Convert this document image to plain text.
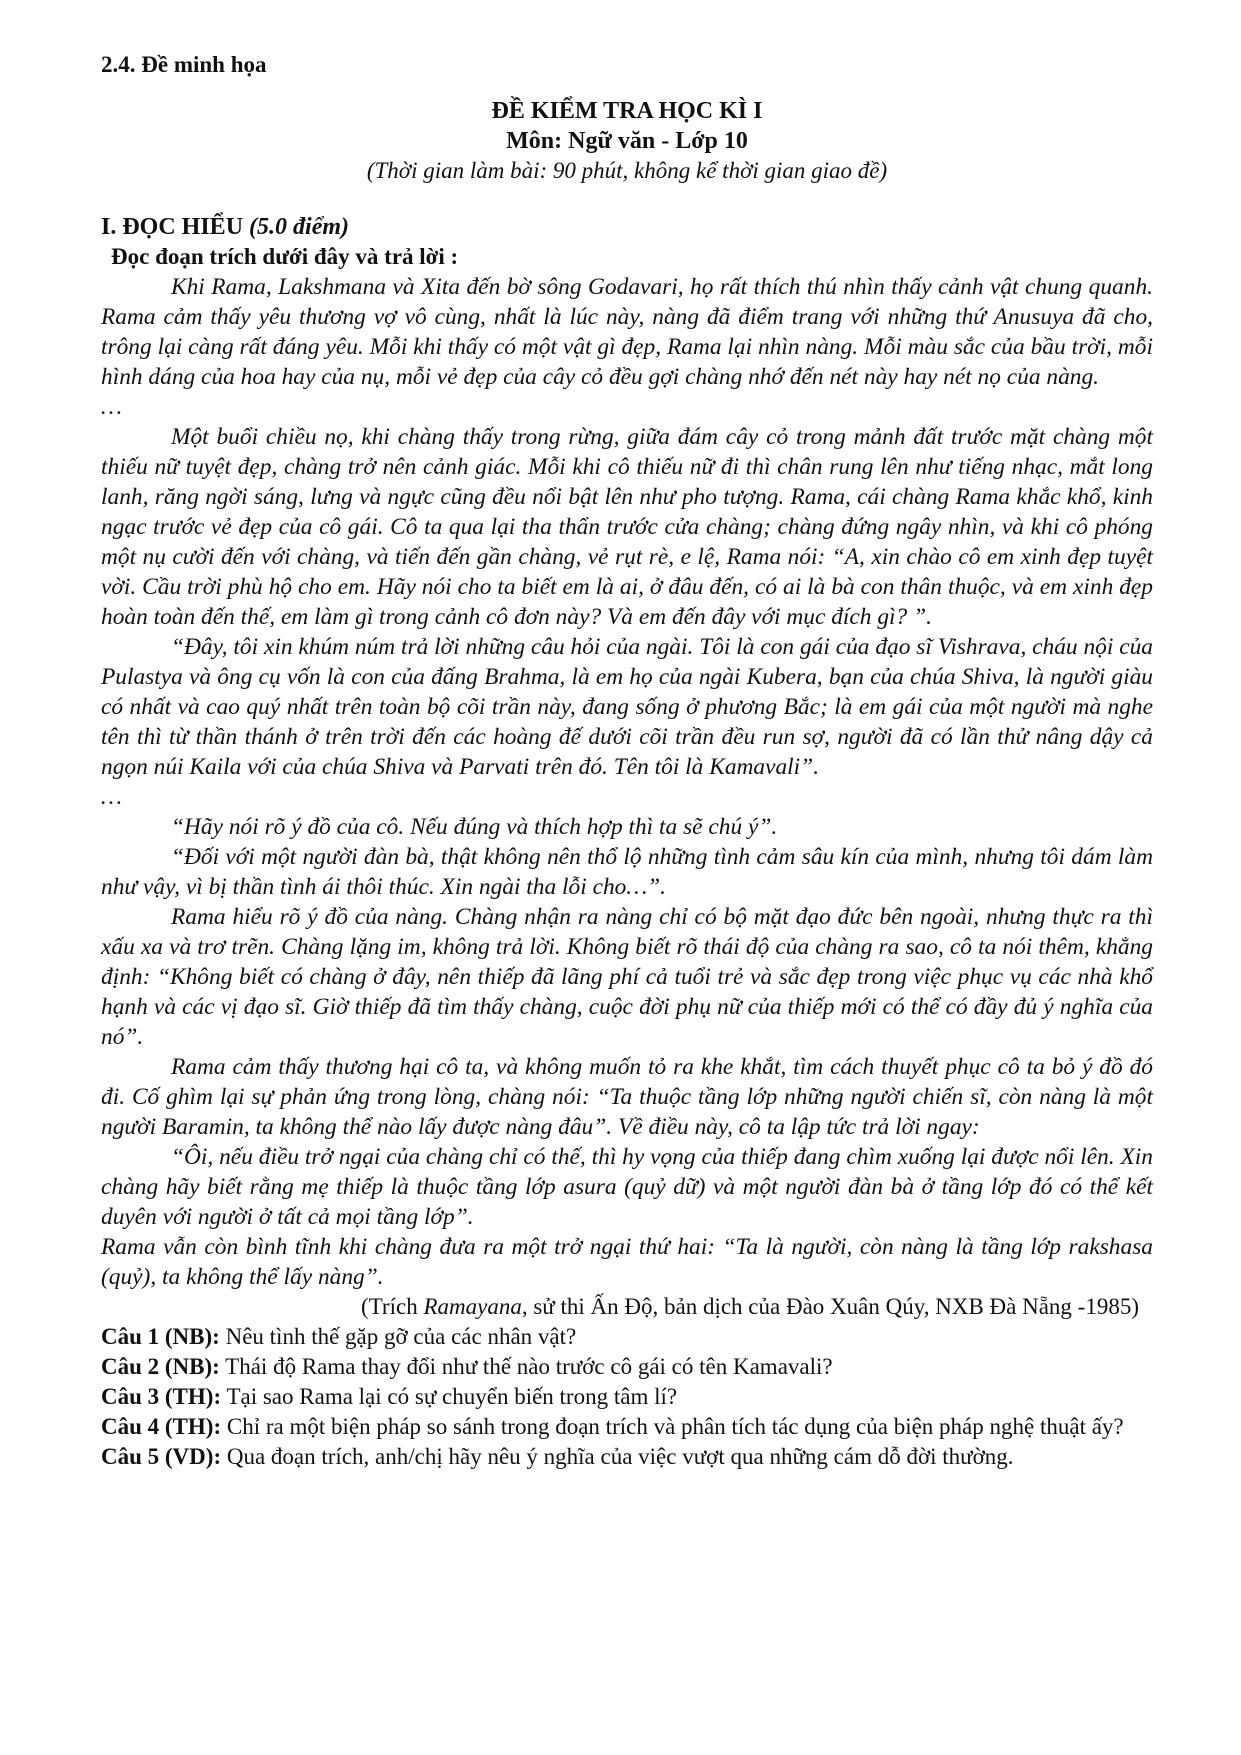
2.4. Đề minh họa
ĐỀ KIỂM TRA HỌC KÌ I
Môn: Ngữ văn - Lớp 10
(Thời gian làm bài: 90 phút, không kể thời gian giao đề)
I. ĐỌC HIỂU (5.0 điểm)
Đọc đoạn trích dưới đây và trả lời :

Khi Rama, Lakshmana và Xita đến bờ sông Godavari, họ rất thích thú nhìn thấy cảnh vật chung quanh. Rama cảm thấy yêu thương vợ vô cùng, nhất là lúc này, nàng đã điểm trang với những thứ Anusuya đã cho, trông lại càng rất đáng yêu. Mỗi khi thấy có một vật gì đẹp, Rama lại nhìn nàng. Mỗi màu sắc của bầu trời, mỗi hình dáng của hoa hay của nụ, mỗi vẻ đẹp của cây cỏ đều gợi chàng nhớ đến nét này hay nét nọ của nàng.

…

Một buổi chiều nọ, khi chàng thấy trong rừng, giữa đám cây cỏ trong mảnh đất trước mặt chàng một thiếu nữ tuyệt đẹp, chàng trở nên cảnh giác. Mỗi khi cô thiếu nữ đi thì chân rung lên như tiếng nhạc, mắt long lanh, răng ngời sáng, lưng và ngực cũng đều nổi bật lên như pho tượng. Rama, cái chàng Rama khắc khổ, kinh ngạc trước vẻ đẹp của cô gái. Cô ta qua lại tha thẩn trước cửa chàng; chàng đứng ngây nhìn, và khi cô phóng một nụ cười đến với chàng, và tiến đến gần chàng, vẻ rụt rè, e lệ, Rama nói: “A, xin chào cô em xinh đẹp tuyệt vời. Cầu trời phù hộ cho em. Hãy nói cho ta biết em là ai, ở đâu đến, có ai là bà con thân thuộc, và em xinh đẹp hoàn toàn đến thế, em làm gì trong cảnh cô đơn này? Và em đến đây với mục đích gì? ”.

“Đây, tôi xin khúm núm trả lời những câu hỏi của ngài. Tôi là con gái của đạo sĩ Vishrava, cháu nội của Pulastya và ông cụ vốn là con của đấng Brahma, là em họ của ngài Kubera, bạn của chúa Shiva, là người giàu có nhất và cao quý nhất trên toàn bộ cõi trần này, đang sống ở phương Bắc; là em gái của một người mà nghe tên thì từ thần thánh ở trên trời đến các hoàng đế dưới cõi trần đều run sợ, người đã có lần thử nâng dậy cả ngọn núi Kaila với của chúa Shiva và Parvati trên đó. Tên tôi là Kamavali”.

…

“Hãy nói rõ ý đồ của cô. Nếu đúng và thích hợp thì ta sẽ chú ý”.

“Đối với một người đàn bà, thật không nên thổ lộ những tình cảm sâu kín của mình, nhưng tôi dám làm như vậy, vì bị thần tình ái thôi thúc. Xin ngài tha lỗi cho…”.

Rama hiểu rõ ý đồ của nàng. Chàng nhận ra nàng chỉ có bộ mặt đạo đức bên ngoài, nhưng thực ra thì xấu xa và trơ trẽn. Chàng lặng im, không trả lời. Không biết rõ thái độ của chàng ra sao, cô ta nói thêm, khẳng định: “Không biết có chàng ở đây, nên thiếp đã lãng phí cả tuổi trẻ và sắc đẹp trong việc phục vụ các nhà khổ hạnh và các vị đạo sĩ. Giờ thiếp đã tìm thấy chàng, cuộc đời phụ nữ của thiếp mới có thể có đầy đủ ý nghĩa của nó”.

Rama cảm thấy thương hại cô ta, và không muốn tỏ ra khe khắt, tìm cách thuyết phục cô ta bỏ ý đồ đó đi. Cố ghìm lại sự phản ứng trong lòng, chàng nói: “Ta thuộc tầng lớp những người chiến sĩ, còn nàng là một người Baramin, ta không thể nào lấy được nàng đâu”. Về điều này, cô ta lập tức trả lời ngay:

“Ôi, nếu điều trở ngại của chàng chỉ có thế, thì hy vọng của thiếp đang chìm xuống lại được nổi lên. Xin chàng hãy biết rằng mẹ thiếp là thuộc tầng lớp asura (quỷ dữ) và một người đàn bà ở tầng lớp đó có thể kết duyên với người ở tất cả mọi tầng lớp”.

Rama vẫn còn bình tĩnh khi chàng đưa ra một trở ngại thứ hai: “Ta là người, còn nàng là tầng lớp rakshasa (quỷ), ta không thể lấy nàng”.

(Trích Ramayana, sử thi Ấn Độ, bản dịch của Đào Xuân Qúy, NXB Đà Nẵng -1985)

Câu 1 (NB): Nêu tình thế gặp gỡ của các nhân vật?

Câu 2 (NB): Thái độ Rama thay đổi như thế nào trước cô gái có tên Kamavali?

Câu 3 (TH): Tại sao Rama lại có sự chuyển biến trong tâm lí?

Câu 4 (TH): Chỉ ra một biện pháp so sánh trong đoạn trích và phân tích tác dụng của biện pháp nghệ thuật ấy?

Câu 5 (VD): Qua đoạn trích, anh/chị hãy nêu ý nghĩa của việc vượt qua những cám dỗ đời thường.
